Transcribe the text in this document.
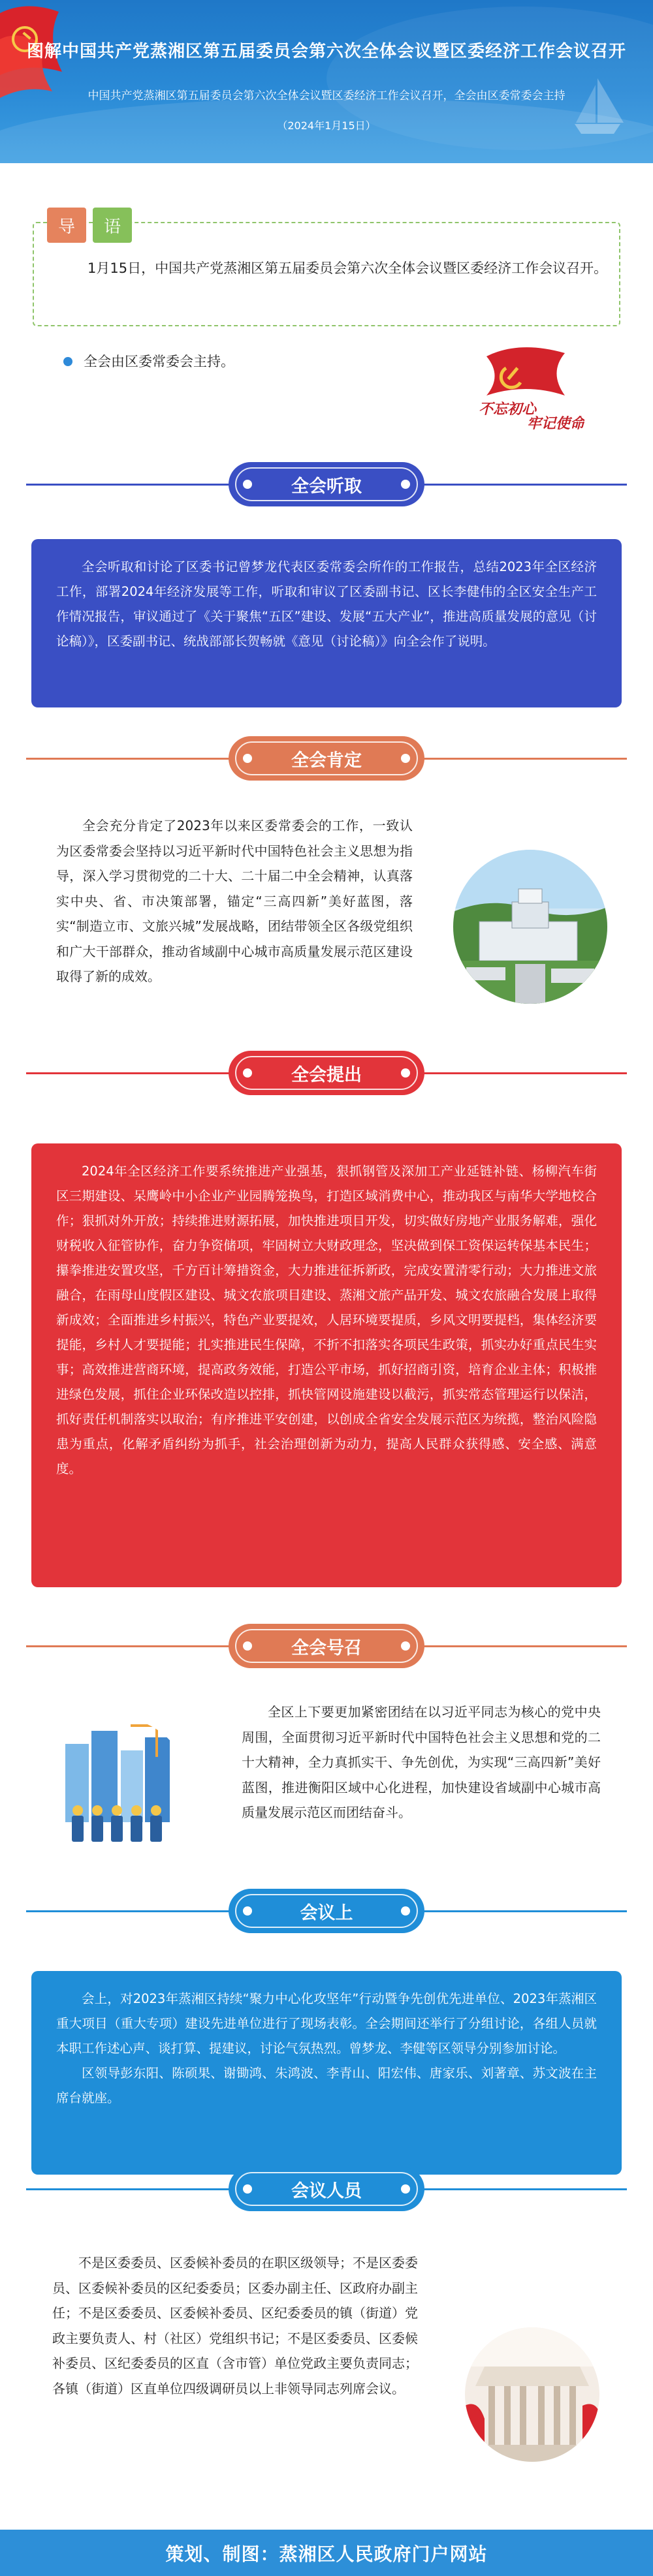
图解中国共产党蒸湘区第五届委员会第六次全体会议暨区委经济工作会议召开
中国共产党蒸湘区第五届委员会第六次全体会议暨区委经济工作会议召开，全会由区委常委会主持
（2024年1月15日）
导	语
1月15日，中国共产党蒸湘区第五届委员会第六次全体会议暨区委经济工作会议召开。
全会由区委常委会主持。
不忘初心
牢记使命
全会听取

全会听取和讨论了区委书记曾梦龙代表区委常委会所作的工作报告，总结2023年全区经济工作，部署2024年经济发展等工作，听取和审议了区委副书记、区长李健伟的全区安全生产工作情况报告，审议通过了《关于聚焦“五区”建设、发展“五大产业”，推进高质量发展的意见（讨论稿）》，区委副书记、统战部部长贺畅就《意见（讨论稿）》向全会作了说明。

全会肯定

全会充分肯定了2023年以来区委常委会的工作，一致认为区委常委会坚持以习近平新时代中国特色社会主义思想为指导，深入学习贯彻党的二十大、二十届二中全会精神，认真落实中央、省、市决策部署，锚定“三高四新”美好蓝图，落实“制造立市、文旅兴城”发展战略，团结带领全区各级党组织和广大干部群众，推动省域副中心城市高质量发展示范区建设取得了新的成效。

全会提出

2024年全区经济工作要系统推进产业强基，狠抓钢管及深加工产业延链补链、杨柳汽车街区三期建设、呆鹰岭中小企业产业园腾笼换鸟，打造区域消费中心，推动我区与南华大学地校合作；狠抓对外开放；持续推进财源拓展，加快推进项目开发，切实做好房地产业服务解难，强化财税收入征管协作，奋力争资储项，牢固树立大财政理念，坚决做到保工资保运转保基本民生；攥拳推进安置攻坚，千方百计筹措资金，大力推进征拆新政，完成安置清零行动；大力推进文旅融合，在雨母山度假区建设、城文农旅项目建设、蒸湘文旅产品开发、城文农旅融合发展上取得新成效；全面推进乡村振兴，特色产业要提效，人居环境要提质，乡风文明要提档，集体经济要提能，乡村人才要提能；扎实推进民生保障，不折不扣落实各项民生政策，抓实办好重点民生实事；高效推进营商环境，提高政务效能，打造公平市场，抓好招商引资，培育企业主体；积极推进绿色发展，抓住企业环保改造以控排，抓快管网设施建设以截污，抓实常态管理运行以保洁，抓好责任机制落实以取治；有序推进平安创建，以创成全省安全发展示范区为统揽，整治风险隐患为重点，化解矛盾纠纷为抓手，社会治理创新为动力，提高人民群众获得感、安全感、满意度。

全会号召

全区上下要更加紧密团结在以习近平同志为核心的党中央周围，全面贯彻习近平新时代中国特色社会主义思想和党的二十大精神，全力真抓实干、争先创优，为实现“三高四新”美好蓝图，推进衡阳区域中心化进程，加快建设省域副中心城市高质量发展示范区而团结奋斗。

会议上

会上，对2023年蒸湘区持续“聚力中心化攻坚年”行动暨争先创优先进单位、2023年蒸湘区重大项目（重大专项）建设先进单位进行了现场表彰。全会期间还举行了分组讨论，各组人员就本职工作述心声、谈打算、提建议，讨论气氛热烈。曾梦龙、李健等区领导分别参加讨论。

区领导彭东阳、陈硕果、谢锄鸿、朱鸿波、李青山、阳宏伟、唐家乐、刘著章、苏文波在主席台就座。

会议人员

不是区委委员、区委候补委员的在职区级领导；不是区委委员、区委候补委员的区纪委委员；区委办副主任、区政府办副主任；不是区委委员、区委候补委员、区纪委委员的镇（街道）党政主要负责人、村（社区）党组织书记；不是区委委员、区委候补委员、区纪委委员的区直（含市管）单位党政主要负责同志；各镇（街道）区直单位四级调研员以上非领导同志列席会议。

策划、制图：蒸湘区人民政府门户网站
